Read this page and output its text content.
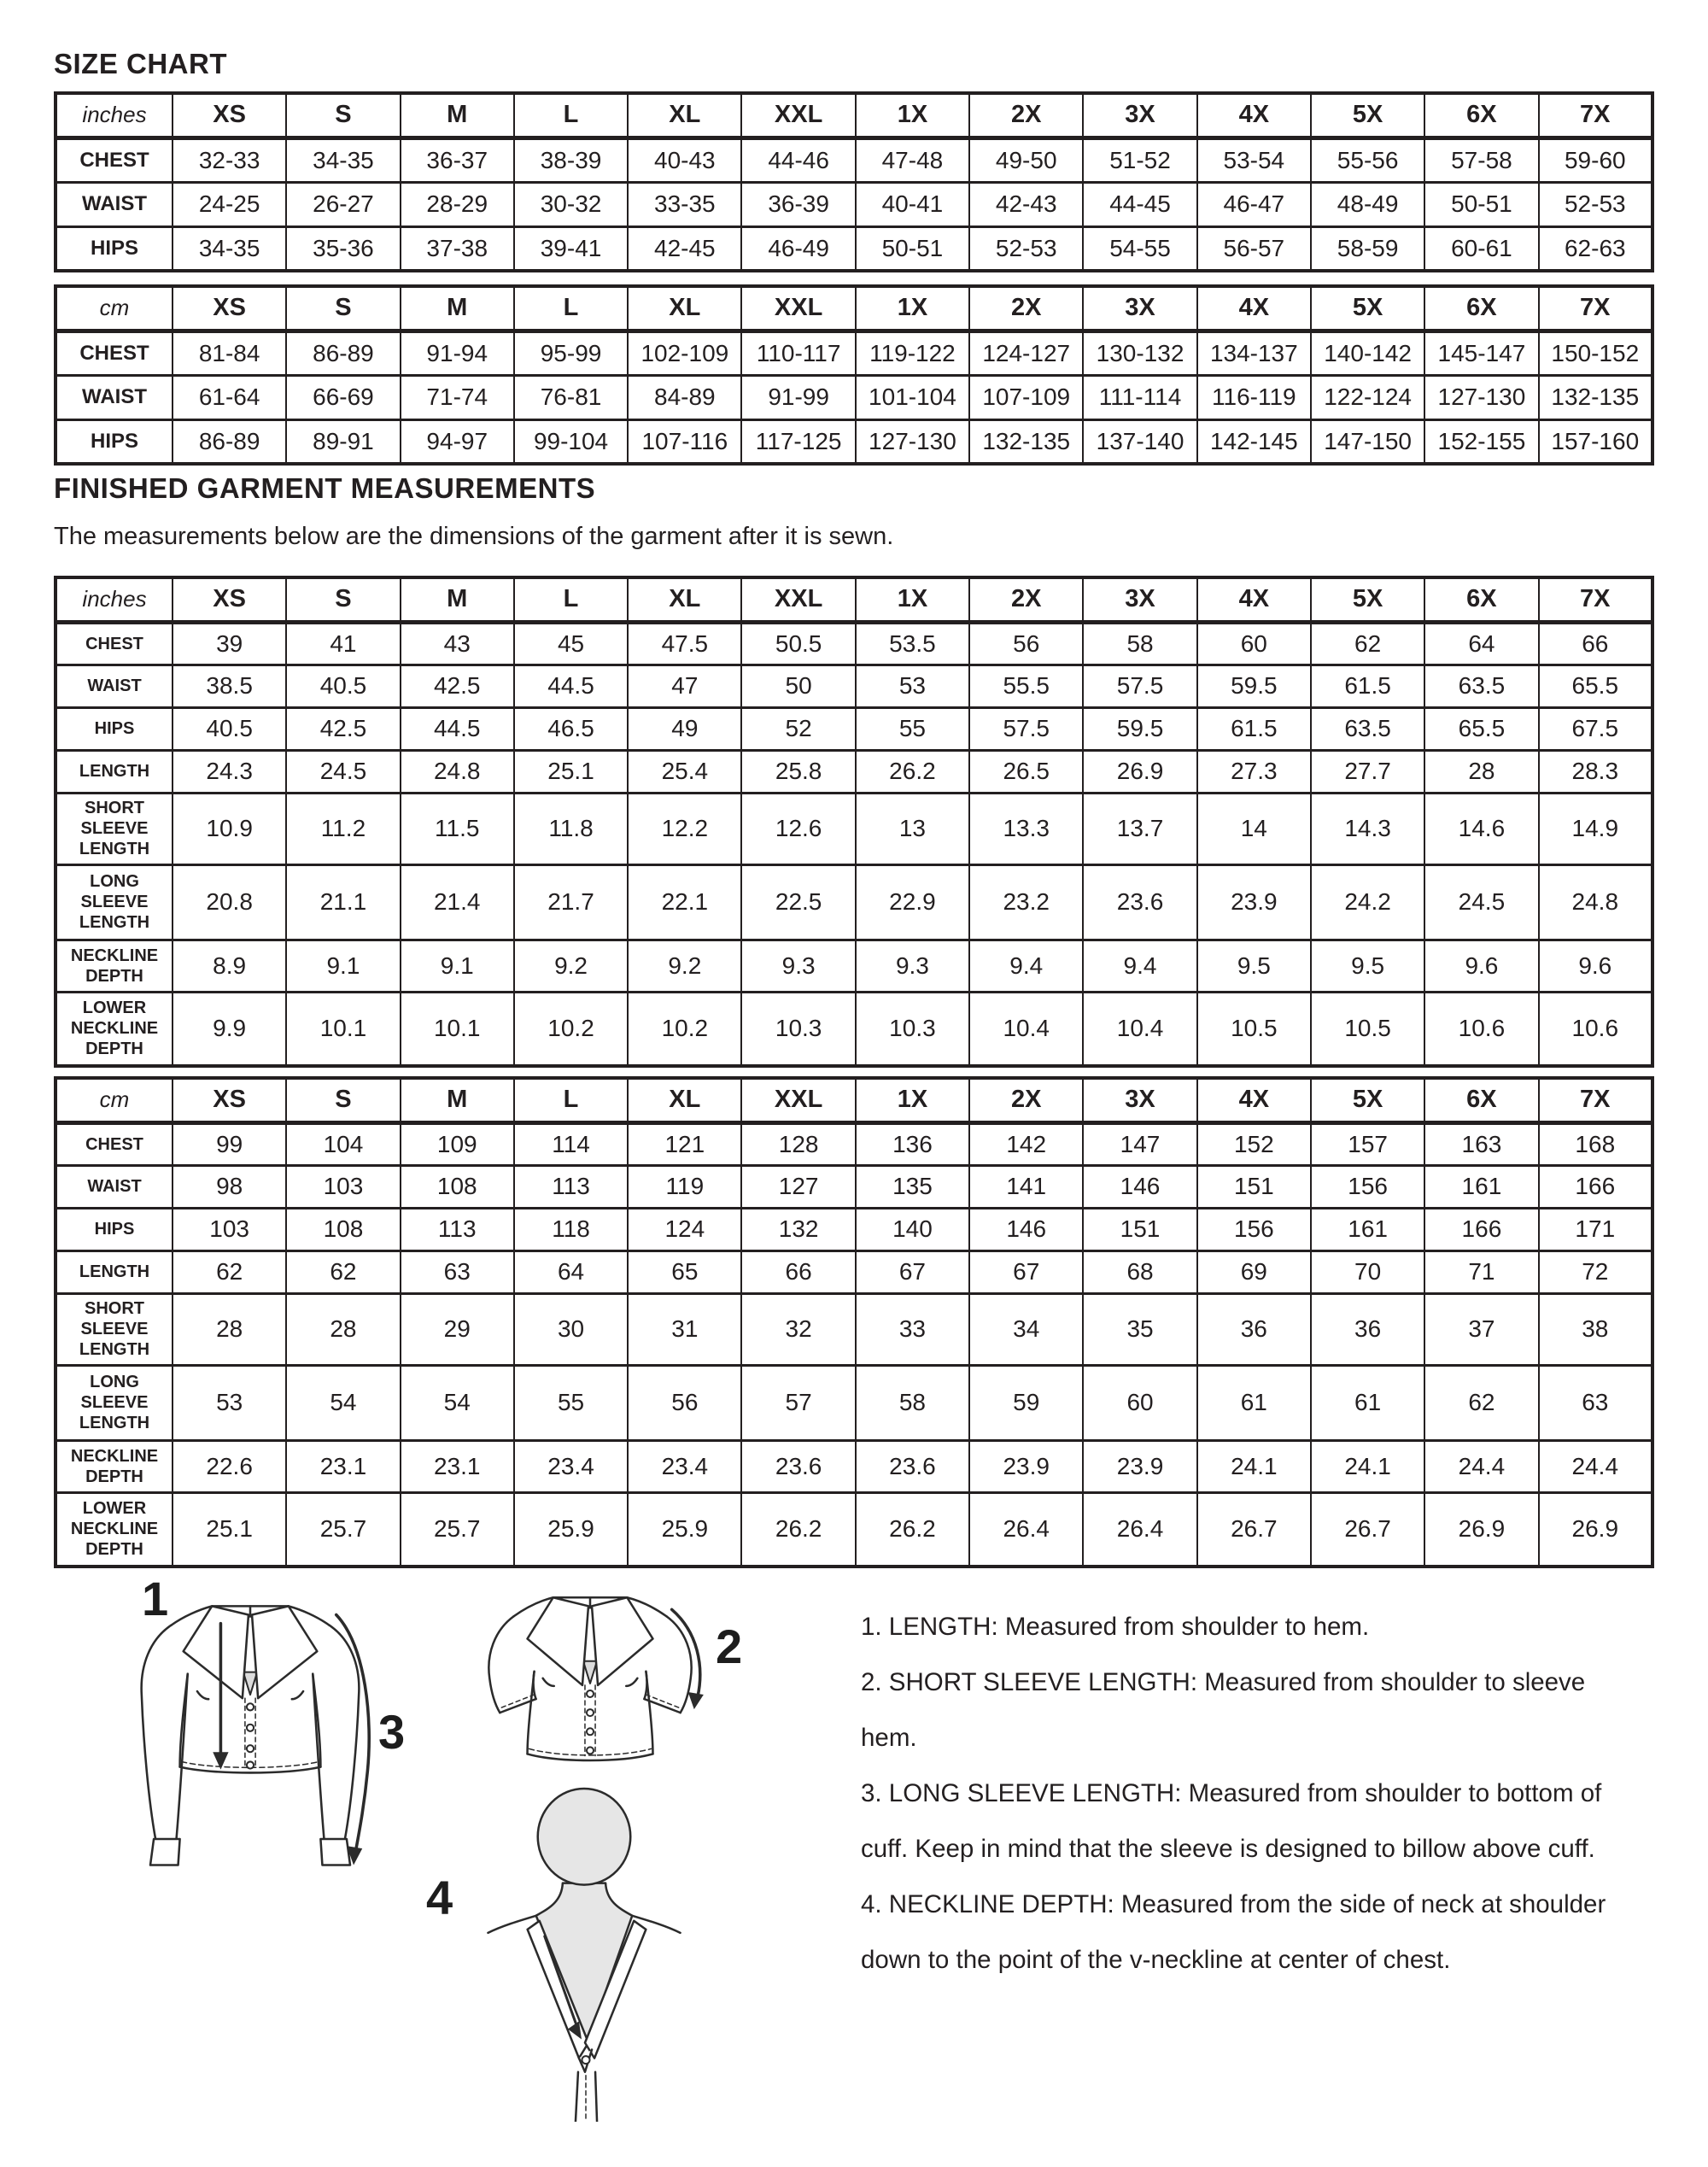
SIZE CHART
inches	XS	S	M	L	XL	XXL	1X	2X	3X	4X	5X	6X	7X
CHEST	32-33	34-35	36-37	38-39	40-43	44-46	47-48	49-50	51-52	53-54	55-56	57-58	59-60
WAIST	24-25	26-27	28-29	30-32	33-35	36-39	40-41	42-43	44-45	46-47	48-49	50-51	52-53
HIPS	34-35	35-36	37-38	39-41	42-45	46-49	50-51	52-53	54-55	56-57	58-59	60-61	62-63
cm	XS	S	M	L	XL	XXL	1X	2X	3X	4X	5X	6X	7X
CHEST	81-84	86-89	91-94	95-99	102-109	110-117	119-122	124-127	130-132	134-137	140-142	145-147	150-152
WAIST	61-64	66-69	71-74	76-81	84-89	91-99	101-104	107-109	111-114	116-119	122-124	127-130	132-135
HIPS	86-89	89-91	94-97	99-104	107-116	117-125	127-130	132-135	137-140	142-145	147-150	152-155	157-160
FINISHED GARMENT MEASUREMENTS

The measurements below are the dimensions of the garment after it is sewn.

inches	XS	S	M	L	XL	XXL	1X	2X	3X	4X	5X	6X	7X
CHEST	39	41	43	45	47.5	50.5	53.5	56	58	60	62	64	66
WAIST	38.5	40.5	42.5	44.5	47	50	53	55.5	57.5	59.5	61.5	63.5	65.5
HIPS	40.5	42.5	44.5	46.5	49	52	55	57.5	59.5	61.5	63.5	65.5	67.5
LENGTH	24.3	24.5	24.8	25.1	25.4	25.8	26.2	26.5	26.9	27.3	27.7	28	28.3
SHORT SLEEVE LENGTH	10.9	11.2	11.5	11.8	12.2	12.6	13	13.3	13.7	14	14.3	14.6	14.9
LONG SLEEVE LENGTH	20.8	21.1	21.4	21.7	22.1	22.5	22.9	23.2	23.6	23.9	24.2	24.5	24.8
NECKLINE DEPTH	8.9	9.1	9.1	9.2	9.2	9.3	9.3	9.4	9.4	9.5	9.5	9.6	9.6
LOWER NECKLINE DEPTH	9.9	10.1	10.1	10.2	10.2	10.3	10.3	10.4	10.4	10.5	10.5	10.6	10.6
cm	XS	S	M	L	XL	XXL	1X	2X	3X	4X	5X	6X	7X
CHEST	99	104	109	114	121	128	136	142	147	152	157	163	168
WAIST	98	103	108	113	119	127	135	141	146	151	156	161	166
HIPS	103	108	113	118	124	132	140	146	151	156	161	166	171
LENGTH	62	62	63	64	65	66	67	67	68	69	70	71	72
SHORT SLEEVE LENGTH	28	28	29	30	31	32	33	34	35	36	36	37	38
LONG SLEEVE LENGTH	53	54	54	55	56	57	58	59	60	61	61	62	63
NECKLINE DEPTH	22.6	23.1	23.1	23.4	23.4	23.6	23.6	23.9	23.9	24.1	24.1	24.4	24.4
LOWER NECKLINE DEPTH	25.1	25.7	25.7	25.9	25.9	26.2	26.2	26.4	26.4	26.7	26.7	26.9	26.9
1
2
3
4

1. LENGTH: Measured from shoulder to hem.

2. SHORT SLEEVE LENGTH: Measured from shoulder to sleeve hem.

3. LONG SLEEVE LENGTH: Measured from shoulder to bottom of cuff. Keep in mind that the sleeve is designed to billow above cuff.

4. NECKLINE DEPTH: Measured from the side of neck at shoulder down to the point of the v-neckline at center of chest.
